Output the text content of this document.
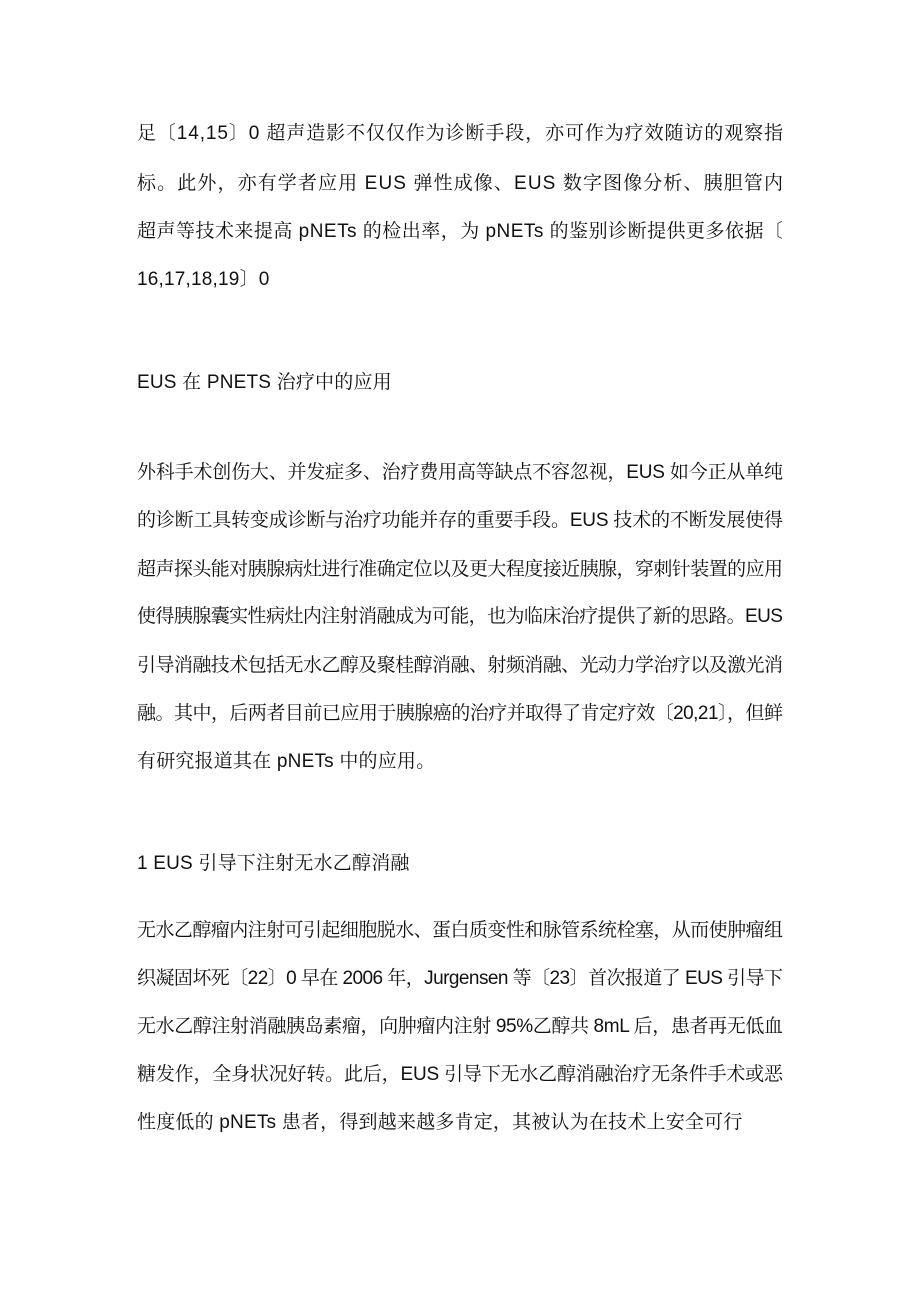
足〔14,15〕0 超声造影不仅仅作为诊断手段，亦可作为疗效随访的观察指
标。此外，亦有学者应用 EUS 弹性成像、EUS 数字图像分析、胰胆管内
超声等技术来提高 pNETs 的检出率，为 pNETs 的鉴别诊断提供更多依据〔
16,17,18,19〕0
EUS 在 PNETS 治疗中的应用
外科手术创伤大、并发症多、治疗费用高等缺点不容忽视，EUS 如今正从单纯
的诊断工具转变成诊断与治疗功能并存的重要手段。EUS 技术的不断发展使得
超声探头能对胰腺病灶进行准确定位以及更大程度接近胰腺，穿刺针装置的应用
使得胰腺囊实性病灶内注射消融成为可能，也为临床治疗提供了新的思路。EUS
引导消融技术包括无水乙醇及聚桂醇消融、射频消融、光动力学治疗以及激光消
融。其中，后两者目前已应用于胰腺癌的治疗并取得了肯定疗效〔20,21〕，但鲜
有研究报道其在 pNETs 中的应用。
1 EUS 引导下注射无水乙醇消融
无水乙醇瘤内注射可引起细胞脱水、蛋白质变性和脉管系统栓塞，从而使肿瘤组
织凝固坏死〔22〕0 早在 2006 年，Jurgensen 等〔23〕首次报道了 EUS 引导下
无水乙醇注射消融胰岛素瘤，向肿瘤内注射 95%乙醇共 8mL 后，患者再无低血
糖发作，全身状况好转。此后，EUS 引导下无水乙醇消融治疗无条件手术或恶
性度低的 pNETs 患者，得到越来越多肯定，其被认为在技术上安全可行
